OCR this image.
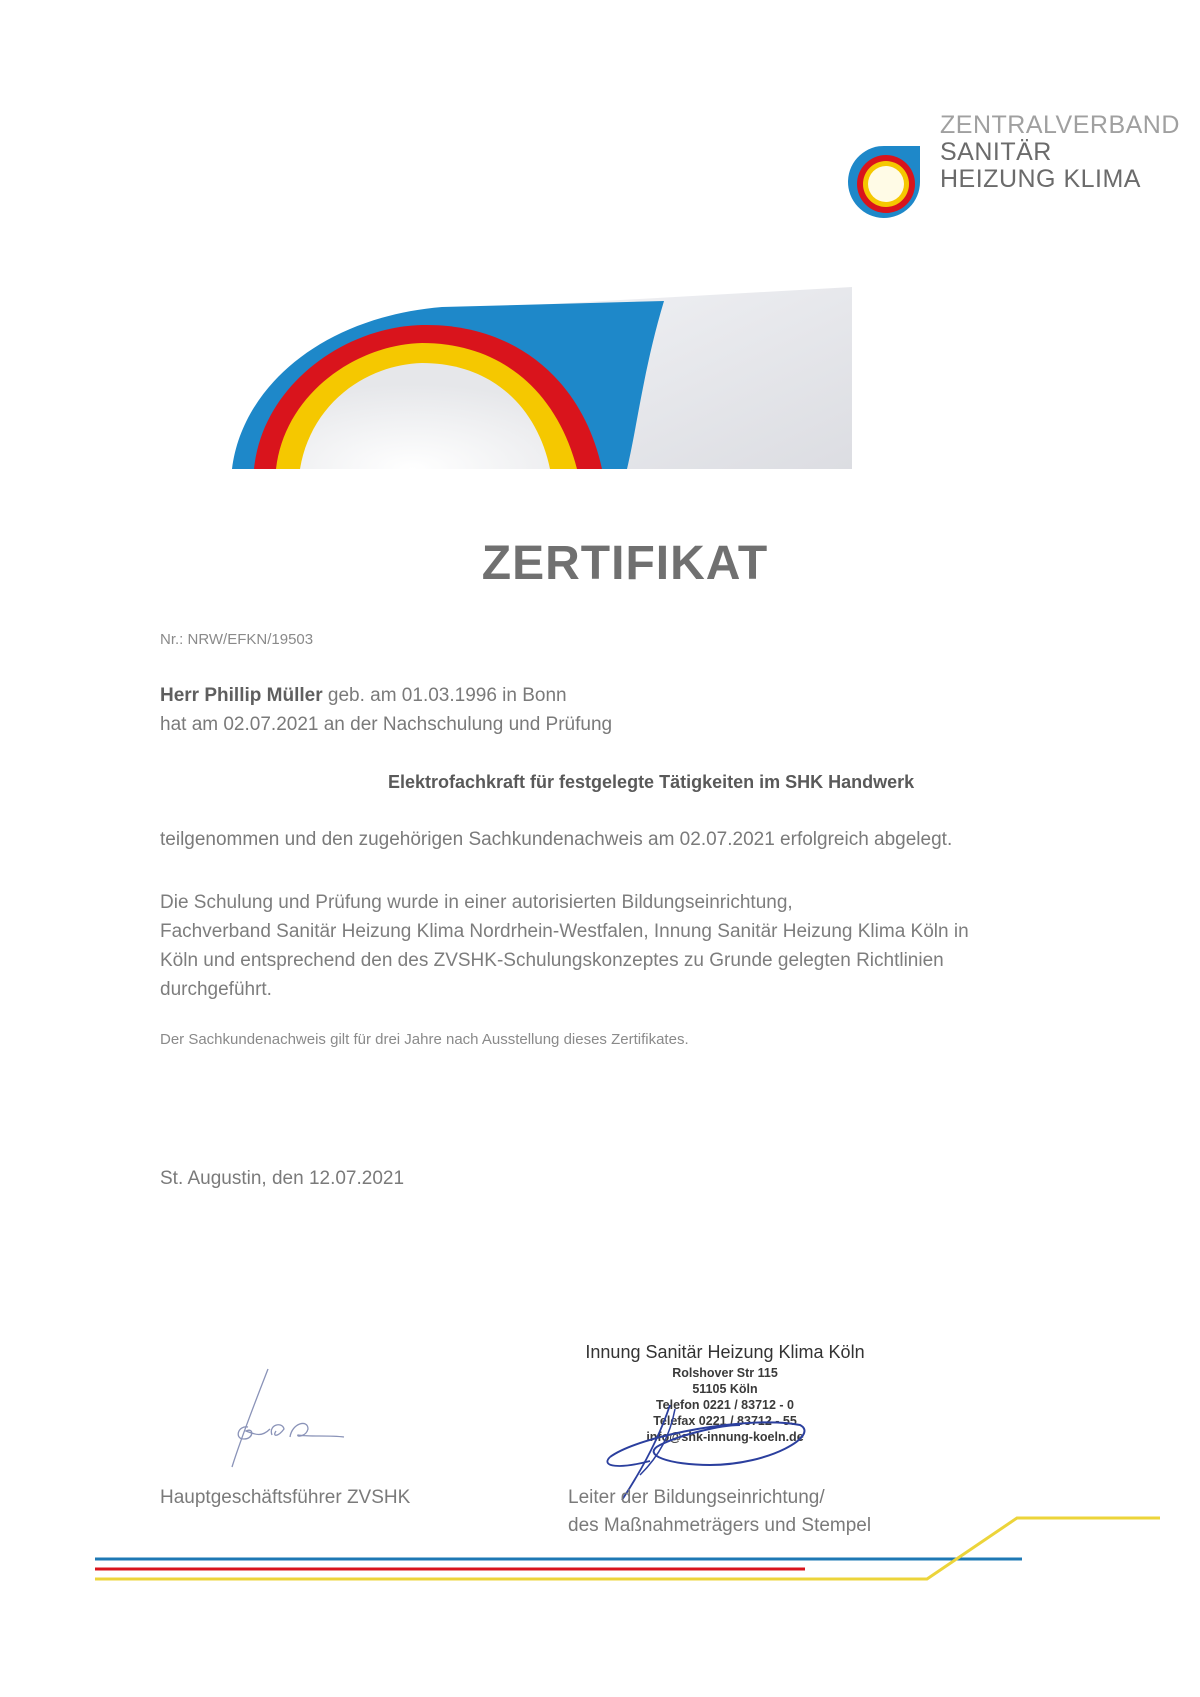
ZENTRALVERBAND
SANITÄR
HEIZUNG KLIMA
ZERTIFIKAT
Nr.: NRW/EFKN/19503
Herr Phillip Müller geb. am 01.03.1996 in Bonn
hat am 02.07.2021 an der Nachschulung und Prüfung
Elektrofachkraft für festgelegte Tätigkeiten im SHK Handwerk
teilgenommen und den zugehörigen Sachkundenachweis am 02.07.2021 erfolgreich abgelegt.
Die Schulung und Prüfung wurde in einer autorisierten Bildungseinrichtung,
Fachverband Sanitär Heizung Klima Nordrhein-Westfalen, Innung Sanitär Heizung Klima Köln in
Köln und entsprechend den des ZVSHK-Schulungskonzeptes zu Grunde gelegten Richtlinien
durchgeführt.
Der Sachkundenachweis gilt für drei Jahre nach Ausstellung dieses Zertifikates.
St. Augustin, den 12.07.2021
Innung Sanitär Heizung Klima Köln
Rolshover Str 115
51105 Köln
Telefon 0221 / 83712 - 0
Telefax 0221 / 83712 - 55
info@shk-innung-koeln.de
Hauptgeschäftsführer ZVSHK	Leiter der Bildungseinrichtung/
des Maßnahmeträgers und Stempel
